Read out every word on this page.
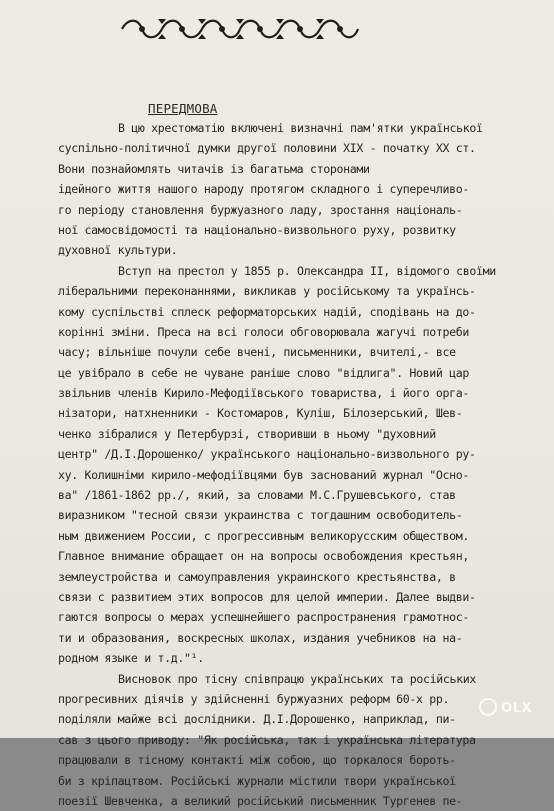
ПЕРЕДМОВА
В цю хрестоматію включені визначні пам'ятки української
суспільно-політичної думки другої половини XIX - початку XX ст.
Вони познайомлять читачів із багатьма сторонами
ідейного життя нашого народу протягом складного і суперечливо-
го періоду становлення буржуазного ладу, зростання національ-
ної самосвідомості та національно-визвольного руху, розвитку
духовної культури.
Вступ на престол у 1855 р. Олександра II, відомого своїми
ліберальними переконаннями, викликав у російському та українсь-
кому суспільстві сплеск реформаторських надій, сподівань на до-
корінні зміни. Преса на всі голоси обговорювала жагучі потреби
часу; вільніше почули себе вчені, письменники, вчителі,- все
це увібрало в себе не чуване раніше слово "відлига". Новий цар
звільнив членів Кирило-Мефодіївського товариства, і його орга-
нізатори, натхненники - Костомаров, Куліш, Білозерський, Шев-
ченко зібралися у Петербурзі, створивши в ньому "духовний
центр" /Д.І.Дорошенко/ українського національно-визвольного ру-
ху. Колишніми кирило-мефодіївцями був заснований журнал "Осно-
ва" /1861-1862 рр./, який, за словами М.С.Грушевського, став
виразником "тесной связи украинства с тогдашним освободитель-
ным движением России, с прогрессивным великорусским обществом.
Главное внимание обращает он на вопросы освобождения крестьян,
землеустройства и самоуправления украинского крестьянства, в
связи с развитием этих вопросов для целой империи. Далее выдви-
гаются вопросы о мерах успешнейшего распространения грамотнос-
ти и образования, воскресных школах, издания учебников на на-
родном языке и т.д."¹.
Висновок про тісну співпрацю українських та російських
прогресивних діячів у здійсненні буржуазних реформ 60-х рр.
поділяли майже всі дослідники. Д.І.Дорошенко, наприклад, пи-
сав з цього приводу: "Як російська, так і українська література
працювали в тісному контакті між собою, що торкалося бороть-
би з кріпацтвом. Російські журнали містили твори української
поезії Шевченка, а великий російський письменник Тургенев пе-
OLX
